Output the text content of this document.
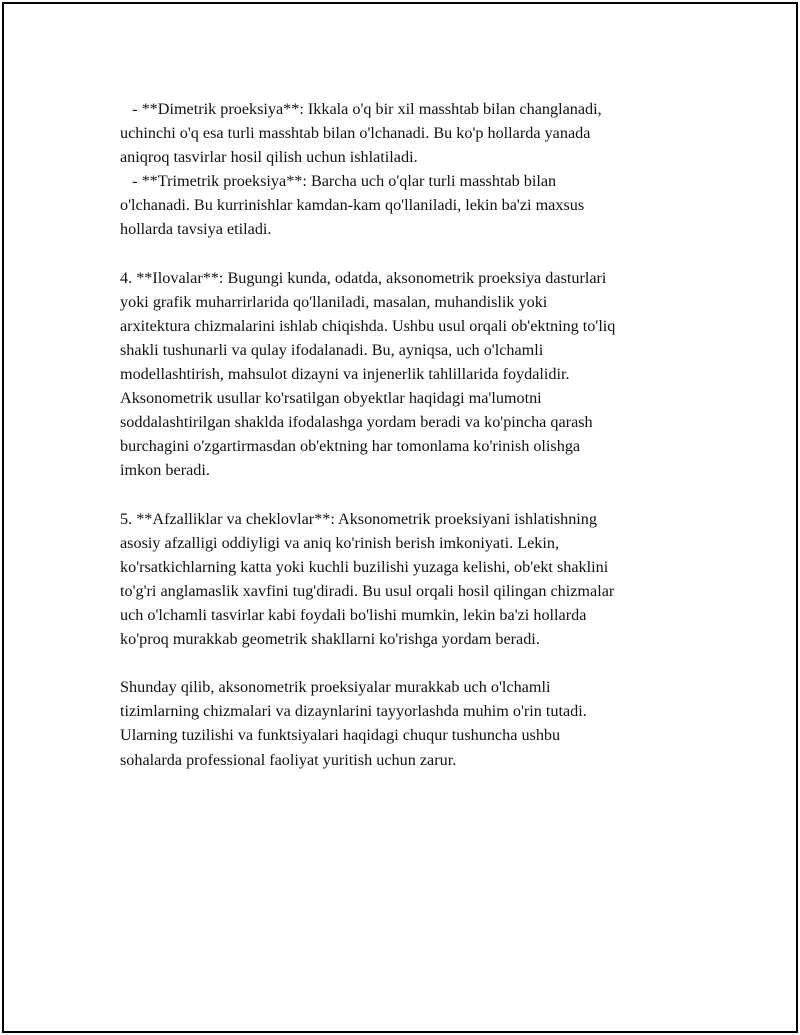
- **Dimetrik proeksiya**: Ikkala o'q bir xil masshtab bilan changlanadi,
uchinchi o'q esa turli masshtab bilan o'lchanadi. Bu ko'p hollarda yanada
aniqroq tasvirlar hosil qilish uchun ishlatiladi.
- **Trimetrik proeksiya**: Barcha uch o'qlar turli masshtab bilan
o'lchanadi. Bu kurrinishlar kamdan-kam qo'llaniladi, lekin ba'zi maxsus
hollarda tavsiya etiladi.

4. **Ilovalar**: Bugungi kunda, odatda, aksonometrik proeksiya dasturlari
yoki grafik muharrirlarida qo'llaniladi, masalan, muhandislik yoki
arxitektura chizmalarini ishlab chiqishda. Ushbu usul orqali ob'ektning to'liq
shakli tushunarli va qulay ifodalanadi. Bu, ayniqsa, uch o'lchamli
modellashtirish, mahsulot dizayni va injenerlik tahlillarida foydalidir.
Aksonometrik usullar ko'rsatilgan obyektlar haqidagi ma'lumotni
soddalashtirilgan shaklda ifodalashga yordam beradi va ko'pincha qarash
burchagini o'zgartirmasdan ob'ektning har tomonlama ko'rinish olishga
imkon beradi.

5. **Afzalliklar va cheklovlar**: Aksonometrik proeksiyani ishlatishning
asosiy afzalligi oddiyligi va aniq ko'rinish berish imkoniyati. Lekin,
ko'rsatkichlarning katta yoki kuchli buzilishi yuzaga kelishi, ob'ekt shaklini
to'g'ri anglamaslik xavfini tug'diradi. Bu usul orqali hosil qilingan chizmalar
uch o'lchamli tasvirlar kabi foydali bo'lishi mumkin, lekin ba'zi hollarda
ko'proq murakkab geometrik shakllarni ko'rishga yordam beradi.

Shunday qilib, aksonometrik proeksiyalar murakkab uch o'lchamli
tizimlarning chizmalari va dizaynlarini tayyorlashda muhim o'rin tutadi.
Ularning tuzilishi va funktsiyalari haqidagi chuqur tushuncha ushbu
sohalarda professional faoliyat yuritish uchun zarur.
